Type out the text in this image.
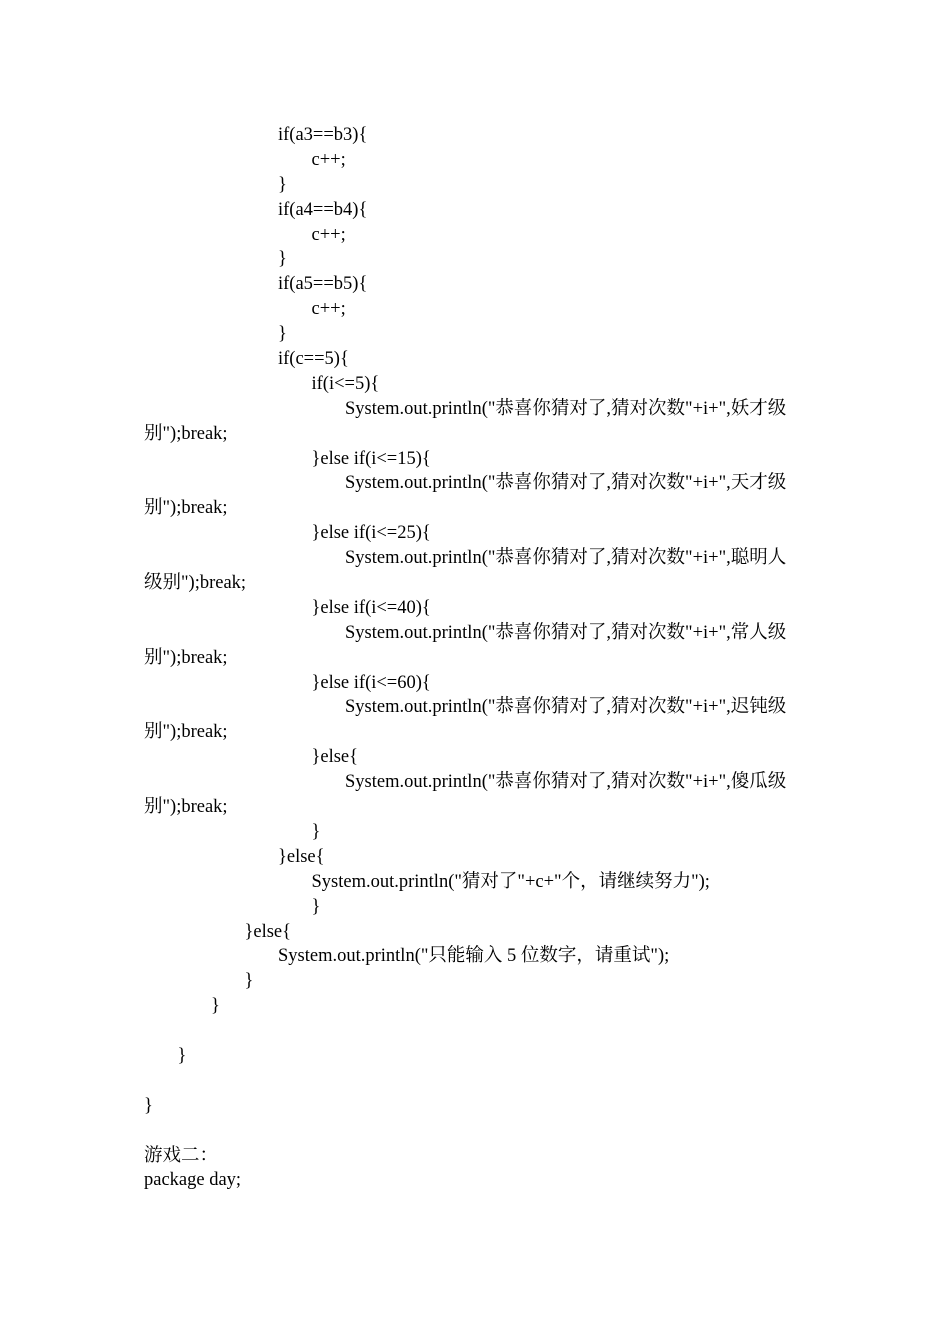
if(a3==b3){
c++;
}
if(a4==b4){
c++;
}
if(a5==b5){
c++;
}
if(c==5){
if(i<=5){
System.out.println("恭喜你猜对了,猜对次数"+i+",妖才级
别");break;
}else if(i<=15){
System.out.println("恭喜你猜对了,猜对次数"+i+",天才级
别");break;
}else if(i<=25){
System.out.println("恭喜你猜对了,猜对次数"+i+",聪明人
级别");break;
}else if(i<=40){
System.out.println("恭喜你猜对了,猜对次数"+i+",常人级
别");break;
}else if(i<=60){
System.out.println("恭喜你猜对了,猜对次数"+i+",迟钝级
别");break;
}else{
System.out.println("恭喜你猜对了,猜对次数"+i+",傻瓜级
别");break;
}
}else{
System.out.println("猜对了"+c+"个，请继续努力");
}
}else{
System.out.println("只能输入 5 位数字，请重试");
}
}
}
}
游戏二：
package day;
